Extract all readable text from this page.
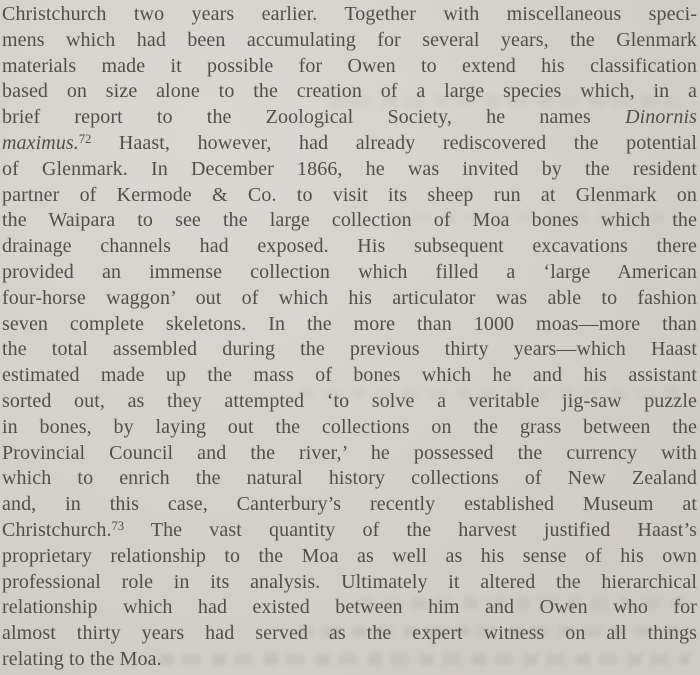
Christchurch two years earlier. Together with miscellaneous speci-
mens which had been accumulating for several years, the Glenmark
materials made it possible for Owen to extend his classification
based on size alone to the creation of a large species which, in a
brief report to the Zoological Society, he names Dinornis
maximus.$^{72}$ Haast, however, had already rediscovered the potential
of Glenmark. In December 1866, he was invited by the resident
partner of Kermode & Co. to visit its sheep run at Glenmark on
the Waipara to see the large collection of Moa bones which the
drainage channels had exposed. His subsequent excavations there
provided an immense collection which filled a ‘large American
four-horse waggon’ out of which his articulator was able to fashion
seven complete skeletons. In the more than 1000 moas—more than
the total assembled during the previous thirty years—which Haast
estimated made up the mass of bones which he and his assistant
sorted out, as they attempted ‘to solve a veritable jig-saw puzzle
in bones, by laying out the collections on the grass between the
Provincial Council and the river,’ he possessed the currency with
which to enrich the natural history collections of New Zealand
and, in this case, Canterbury’s recently established Museum at
Christchurch.$^{73}$ The vast quantity of the harvest justified Haast’s
proprietary relationship to the Moa as well as his sense of his own
professional role in its analysis. Ultimately it altered the hierarchical
relationship which had existed between him and Owen who for
almost thirty years had served as the expert witness on all things
relating to the Moa.
